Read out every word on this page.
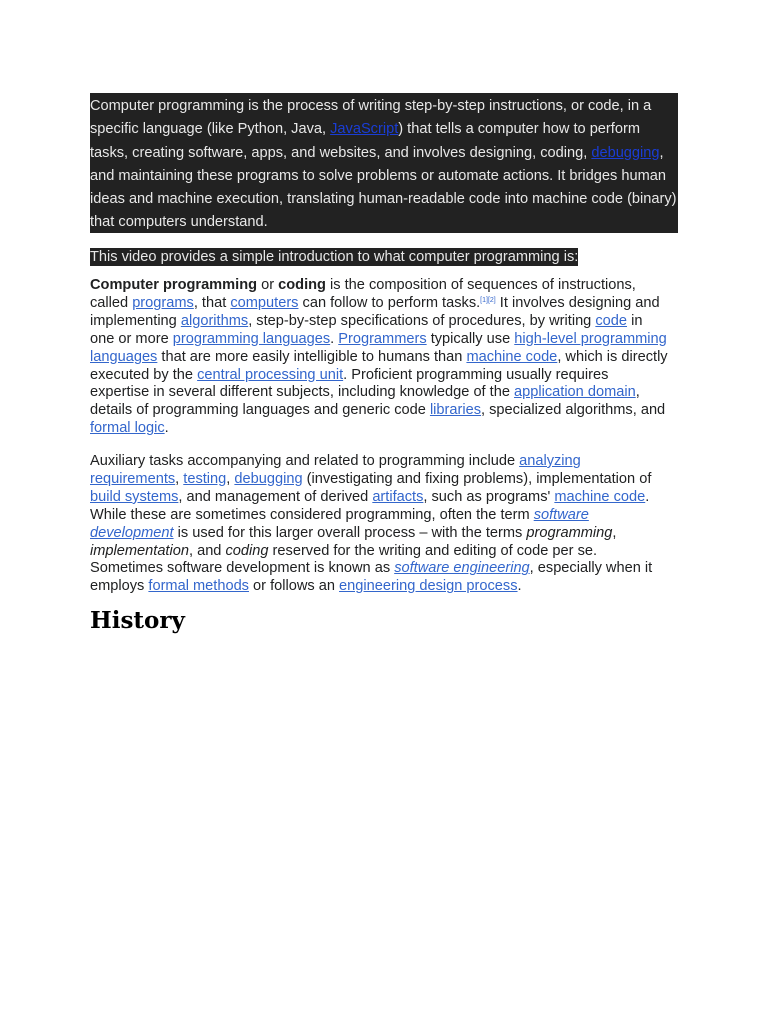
Computer programming is the process of writing step-by-step instructions, or code, in a specific language (like Python, Java, JavaScript) that tells a computer how to perform tasks, creating software, apps, and websites, and involves designing, coding, debugging, and maintaining these programs to solve problems or automate actions. It bridges human ideas and machine execution, translating human-readable code into machine code (binary) that computers understand.
This video provides a simple introduction to what computer programming is:

Computer programming or coding is the composition of sequences of instructions, called programs, that computers can follow to perform tasks.[1][2] It involves designing and implementing algorithms, step-by-step specifications of procedures, by writing code in one or more programming languages. Programmers typically use high-level programming languages that are more easily intelligible to humans than machine code, which is directly executed by the central processing unit. Proficient programming usually requires expertise in several different subjects, including knowledge of the application domain, details of programming languages and generic code libraries, specialized algorithms, and formal logic.

Auxiliary tasks accompanying and related to programming include analyzing requirements, testing, debugging (investigating and fixing problems), implementation of build systems, and management of derived artifacts, such as programs' machine code. While these are sometimes considered programming, often the term software development is used for this larger overall process – with the terms programming, implementation, and coding reserved for the writing and editing of code per se. Sometimes software development is known as software engineering, especially when it employs formal methods or follows an engineering design process.

History
